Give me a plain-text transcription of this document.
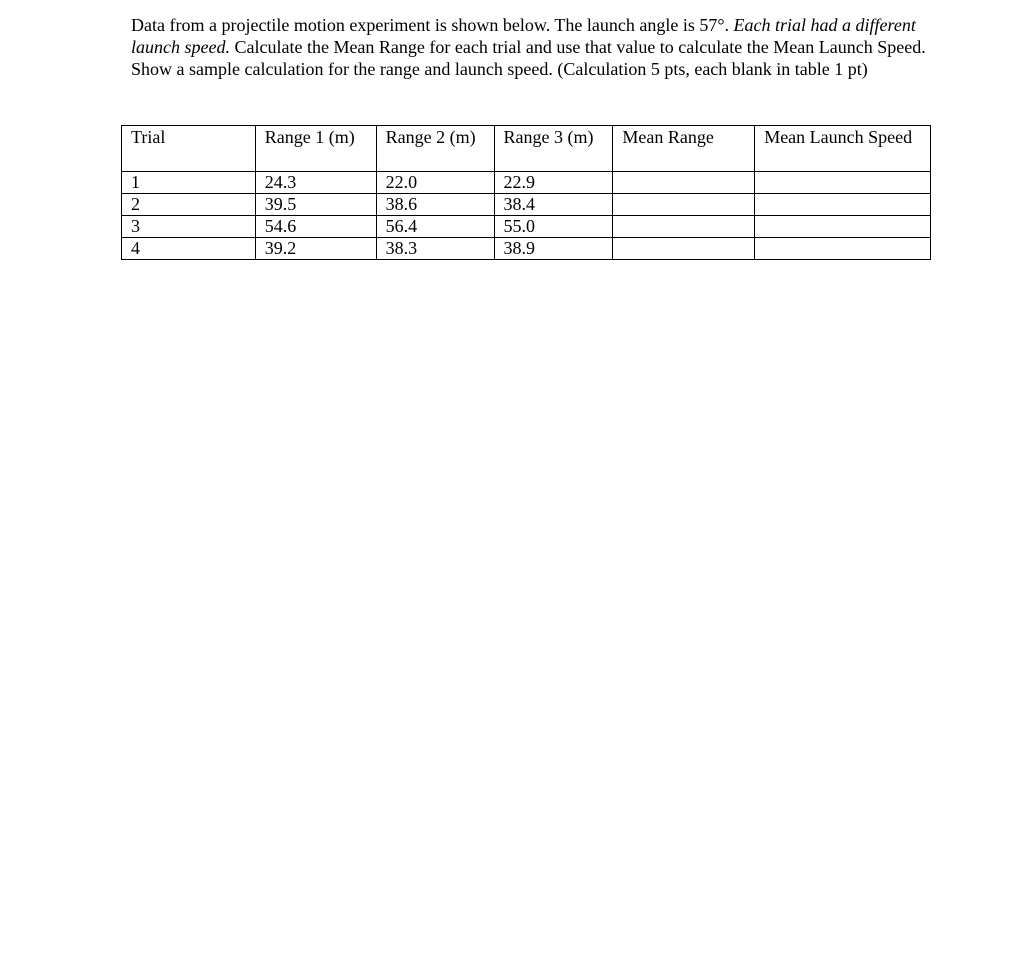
Data from a projectile motion experiment is shown below. The launch angle is 57°. Each trial had a different launch speed. Calculate the Mean Range for each trial and use that value to calculate the Mean Launch Speed. Show a sample calculation for the range and launch speed. (Calculation 5 pts, each blank in table 1 pt)

Trial	Range 1 (m)	Range 2 (m)	Range 3 (m)	Mean Range	Mean Launch Speed
1	24.3	22.0	22.9		
2	39.5	38.6	38.4		
3	54.6	56.4	55.0		
4	39.2	38.3	38.9		
